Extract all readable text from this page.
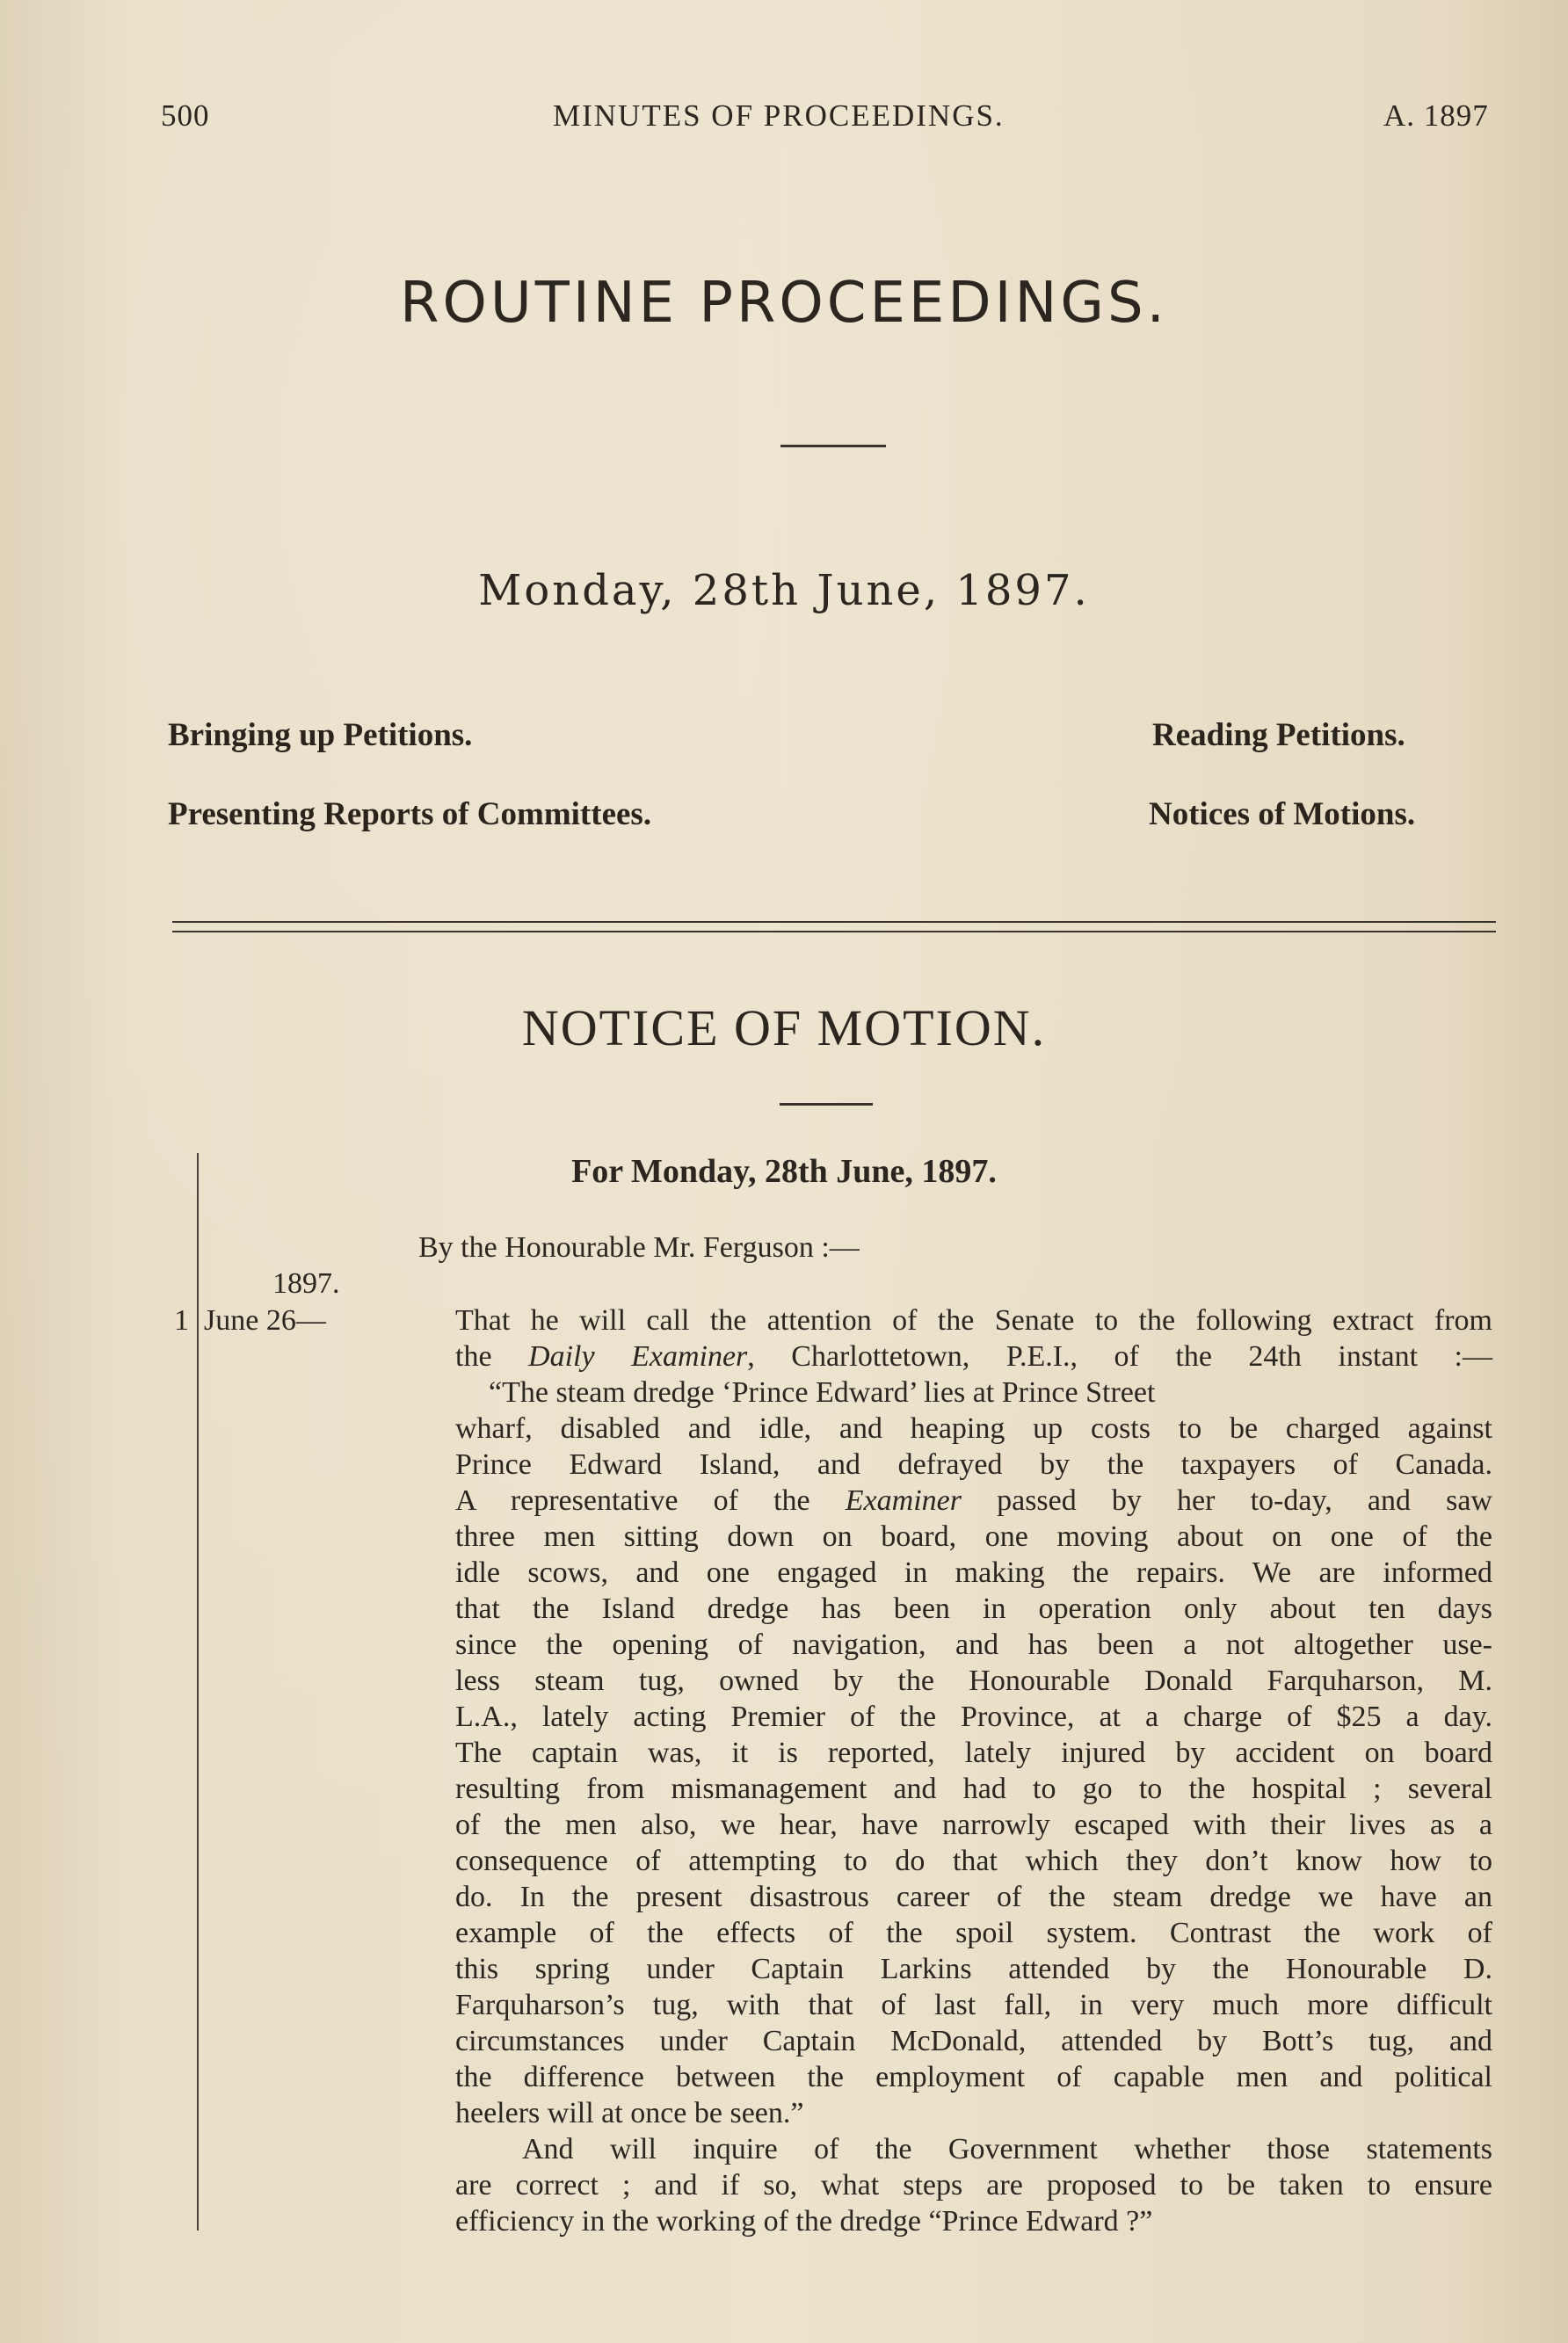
500	MINUTES OF PROCEEDINGS.	A. 1897
ROUTINE PROCEEDINGS.
Monday, 28th June, 1897.
Bringing up Petitions.	Reading Petitions.
Presenting Reports of Committees.	Notices of Motions.
NOTICE OF MOTION.
For Monday, 28th June, 1897.
By the Honourable Mr. Ferguson :—
1897.
1 June 26—	That he will call the attention of the Senate to the following extract from
the Daily Examiner, Charlottetown, P.E.I., of the 24th instant :—
“The steam dredge ‘Prince Edward’ lies at Prince Street
wharf, disabled and idle, and heaping up costs to be charged against
Prince Edward Island, and defrayed by the taxpayers of Canada.
A representative of the Examiner passed by her to-day, and saw
three men sitting down on board, one moving about on one of the
idle scows, and one engaged in making the repairs. We are informed
that the Island dredge has been in operation only about ten days
since the opening of navigation, and has been a not altogether use-
less steam tug, owned by the Honourable Donald Farquharson, M.
L.A., lately acting Premier of the Province, at a charge of $25 a day.
The captain was, it is reported, lately injured by accident on board
resulting from mismanagement and had to go to the hospital ; several
of the men also, we hear, have narrowly escaped with their lives as a
consequence of attempting to do that which they don’t know how to
do. In the present disastrous career of the steam dredge we have an
example of the effects of the spoil system. Contrast the work of
this spring under Captain Larkins attended by the Honourable D.
Farquharson’s tug, with that of last fall, in very much more difficult
circumstances under Captain McDonald, attended by Bott’s tug, and
the difference between the employment of capable men and political
heelers will at once be seen.”
And will inquire of the Government whether those statements
are correct ; and if so, what steps are proposed to be taken to ensure
efficiency in the working of the dredge “Prince Edward ?”
